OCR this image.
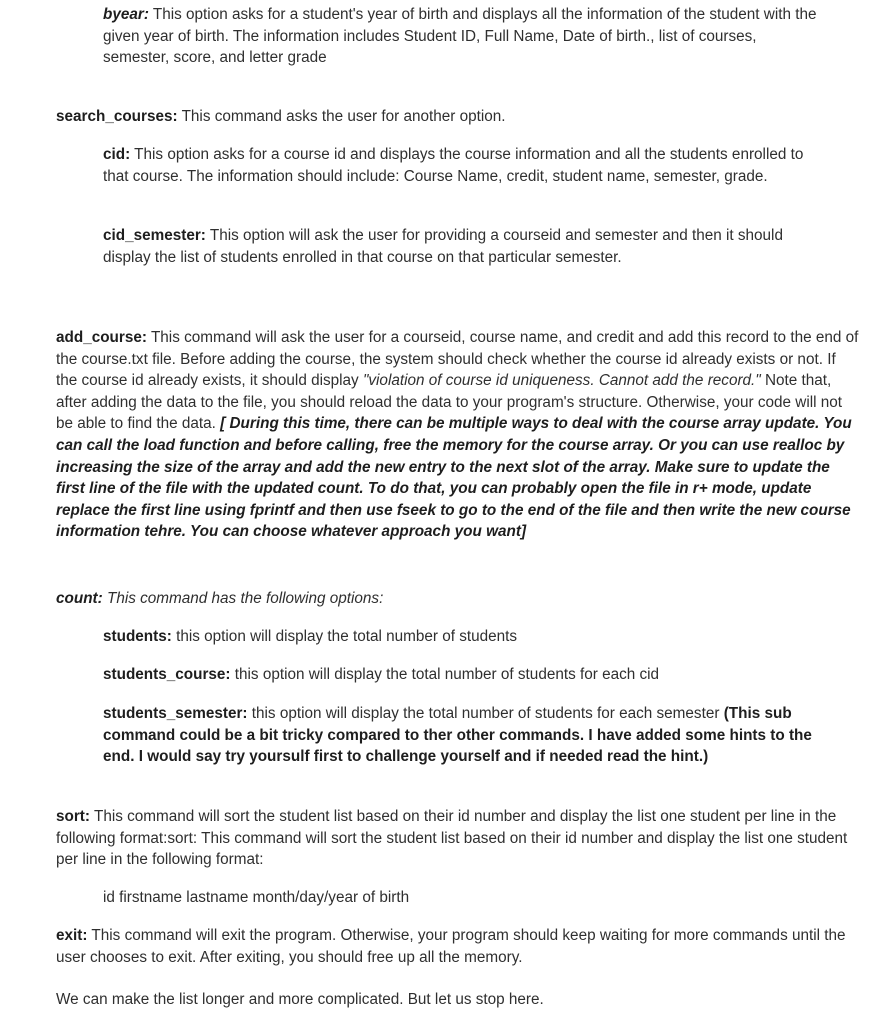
byear: This option asks for a student's year of birth and displays all the information of the student with the given year of birth. The information includes Student ID, Full Name, Date of birth., list of courses, semester, score, and letter grade

search_courses: This command asks the user for another option.

cid: This option asks for a course id and displays the course information and all the students enrolled to that course. The information should include: Course Name, credit, student name, semester, grade.

cid_semester: This option will ask the user for providing a courseid and semester and then it should display the list of students enrolled in that course on that particular semester.

add_course: This command will ask the user for a courseid, course name, and credit and add this record to the end of the course.txt file. Before adding the course, the system should check whether the course id already exists or not. If the course id already exists, it should display "violation of course id uniqueness. Cannot add the record." Note that, after adding the data to the file, you should reload the data to your program's structure. Otherwise, your code will not be able to find the data. [ During this time, there can be multiple ways to deal with the course array update. You can call the load function and before calling, free the memory for the course array. Or you can use realloc by increasing the size of the array and add the new entry to the next slot of the array. Make sure to update the first line of the file with the updated count. To do that, you can probably open the file in r+ mode, update replace the first line using fprintf and then use fseek to go to the end of the file and then write the new course information tehre. You can choose whatever approach you want]

count: This command has the following options:

students: this option will display the total number of students

students_course: this option will display the total number of students for each cid

students_semester: this option will display the total number of students for each semester (This sub command could be a bit tricky compared to ther other commands. I have added some hints to the end. I would say try yoursulf first to challenge yourself and if needed read the hint.)

sort: This command will sort the student list based on their id number and display the list one student per line in the following format:sort: This command will sort the student list based on their id number and display the list one student per line in the following format:

id firstname lastname month/day/year of birth

exit: This command will exit the program. Otherwise, your program should keep waiting for more commands until the user chooses to exit. After exiting, you should free up all the memory.

We can make the list longer and more complicated. But let us stop here.
